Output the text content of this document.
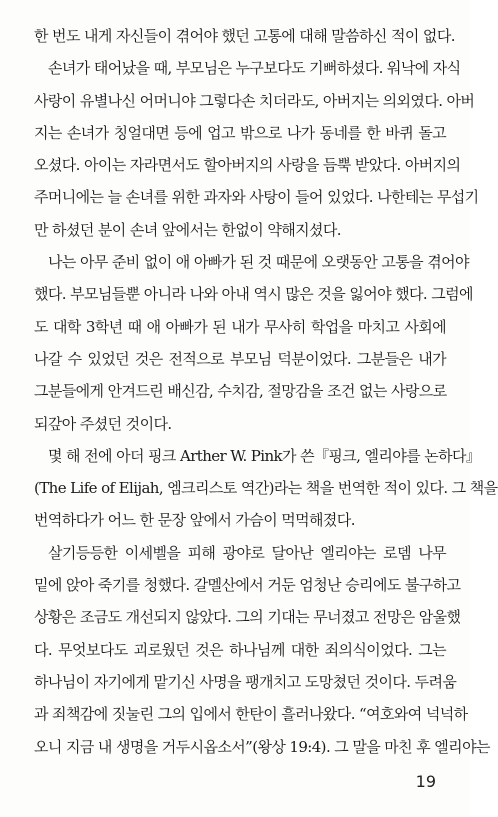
한 번도 내게 자신들이 겪어야 했던 고통에 대해 말씀하신 적이 없다.
손녀가 태어났을 때, 부모님은 누구보다도 기뻐하셨다. 워낙에 자식
사랑이 유별나신 어머니야 그렇다손 치더라도, 아버지는 의외였다. 아버
지는 손녀가 칭얼대면 등에 업고 밖으로 나가 동네를 한 바퀴 돌고
오셨다. 아이는 자라면서도 할아버지의 사랑을 듬뿍 받았다. 아버지의
주머니에는 늘 손녀를 위한 과자와 사탕이 들어 있었다. 나한테는 무섭기
만 하셨던 분이 손녀 앞에서는 한없이 약해지셨다.
나는 아무 준비 없이 애 아빠가 된 것 때문에 오랫동안 고통을 겪어야
했다. 부모님들뿐 아니라 나와 아내 역시 많은 것을 잃어야 했다. 그럼에
도 대학 3학년 때 애 아빠가 된 내가 무사히 학업을 마치고 사회에
나갈 수 있었던 것은 전적으로 부모님 덕분이었다. 그분들은 내가
그분들에게 안겨드린 배신감, 수치감, 절망감을 조건 없는 사랑으로
되갚아 주셨던 것이다.
몇 해 전에 아더 핑크 Arther W. Pink가 쓴『핑크, 엘리야를 논하다』
(The Life of Elijah, 엠크리스토 역간)라는 책을 번역한 적이 있다. 그 책을
번역하다가 어느 한 문장 앞에서 가슴이 먹먹해졌다.
살기등등한 이세벨을 피해 광야로 달아난 엘리야는 로뎀 나무
밑에 앉아 죽기를 청했다. 갈멜산에서 거둔 엄청난 승리에도 불구하고
상황은 조금도 개선되지 않았다. 그의 기대는 무너졌고 전망은 암울했
다. 무엇보다도 괴로웠던 것은 하나님께 대한 죄의식이었다. 그는
하나님이 자기에게 맡기신 사명을 팽개치고 도망쳤던 것이다. 두려움
과 죄책감에 짓눌린 그의 입에서 한탄이 흘러나왔다. “여호와여 넉넉하
오니 지금 내 생명을 거두시옵소서”(왕상 19:4). 그 말을 마친 후 엘리야는
19
